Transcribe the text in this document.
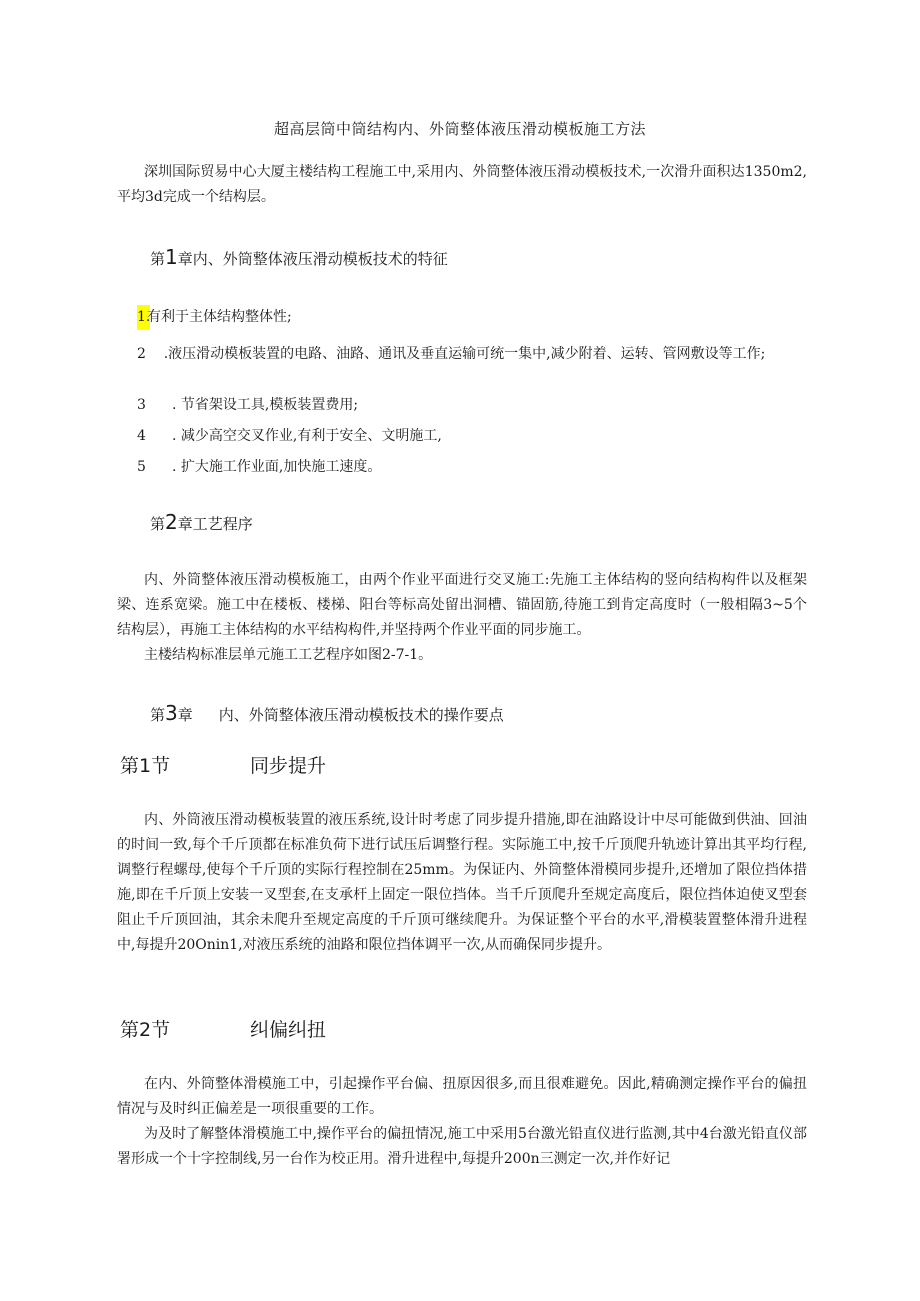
超高层筒中筒结构内、外筒整体液压滑动模板施工方法

深圳国际贸易中心大厦主楼结构工程施工中,采用内、外筒整体液压滑动模板技术,一次滑升面积达1350m2,平均3d完成一个结构层。

第1章内、外筒整体液压滑动模板技术的特征
1.
有利于主体结构整体性;
2 .液压滑动模板装置的电路、油路、通讯及垂直运输可统一集中,减少附着、运转、管网敷设等工作;
3 . 节省架设工具,模板装置费用;
4 . 减少高空交叉作业,有利于安全、文明施工,
5 . 扩大施工作业面,加快施工速度。
第2章工艺程序

内、外筒整体液压滑动模板施工，由两个作业平面进行交叉施工:先施工主体结构的竖向结构构件以及框架梁、连系宽梁。施工中在楼板、楼梯、阳台等标高处留出洞槽、锚固筋,待施工到肯定高度时（一般相隔3~5个结构层），再施工主体结构的水平结构构件,并坚持两个作业平面的同步施工。

主楼结构标准层单元施工工艺程序如图2-7-1。

第3章 内、外筒整体液压滑动模板技术的操作要点
第1节	同步提升

内、外筒液压滑动模板装置的液压系统,设计时考虑了同步提升措施,即在油路设计中尽可能做到供油、回油的时间一致,每个千斤顶都在标准负荷下进行试压后调整行程。实际施工中,按千斤顶爬升轨迹计算出其平均行程,调整行程螺母,使每个千斤顶的实际行程控制在25mm。为保证内、外筒整体滑模同步提升,还增加了限位挡体措施,即在千斤顶上安装一叉型套,在支承杆上固定一限位挡体。当千斤顶爬升至规定高度后，限位挡体迫使叉型套阻止千斤顶回油，其余未爬升至规定高度的千斤顶可继续爬升。为保证整个平台的水平,滑模装置整体滑升进程中,每提升20Onin1,对液压系统的油路和限位挡体调平一次,从而确保同步提升。

第2节	纠偏纠扭

在内、外筒整体滑模施工中，引起操作平台偏、扭原因很多,而且很难避免。因此,精确测定操作平台的偏扭情况与及时纠正偏差是一项很重要的工作。

为及时了解整体滑模施工中,操作平台的偏扭情况,施工中采用5台激光铅直仪进行监测,其中4台激光铅直仪部署形成一个十字控制线,另一台作为校正用。滑升进程中,每提升200n三测定一次,并作好记
